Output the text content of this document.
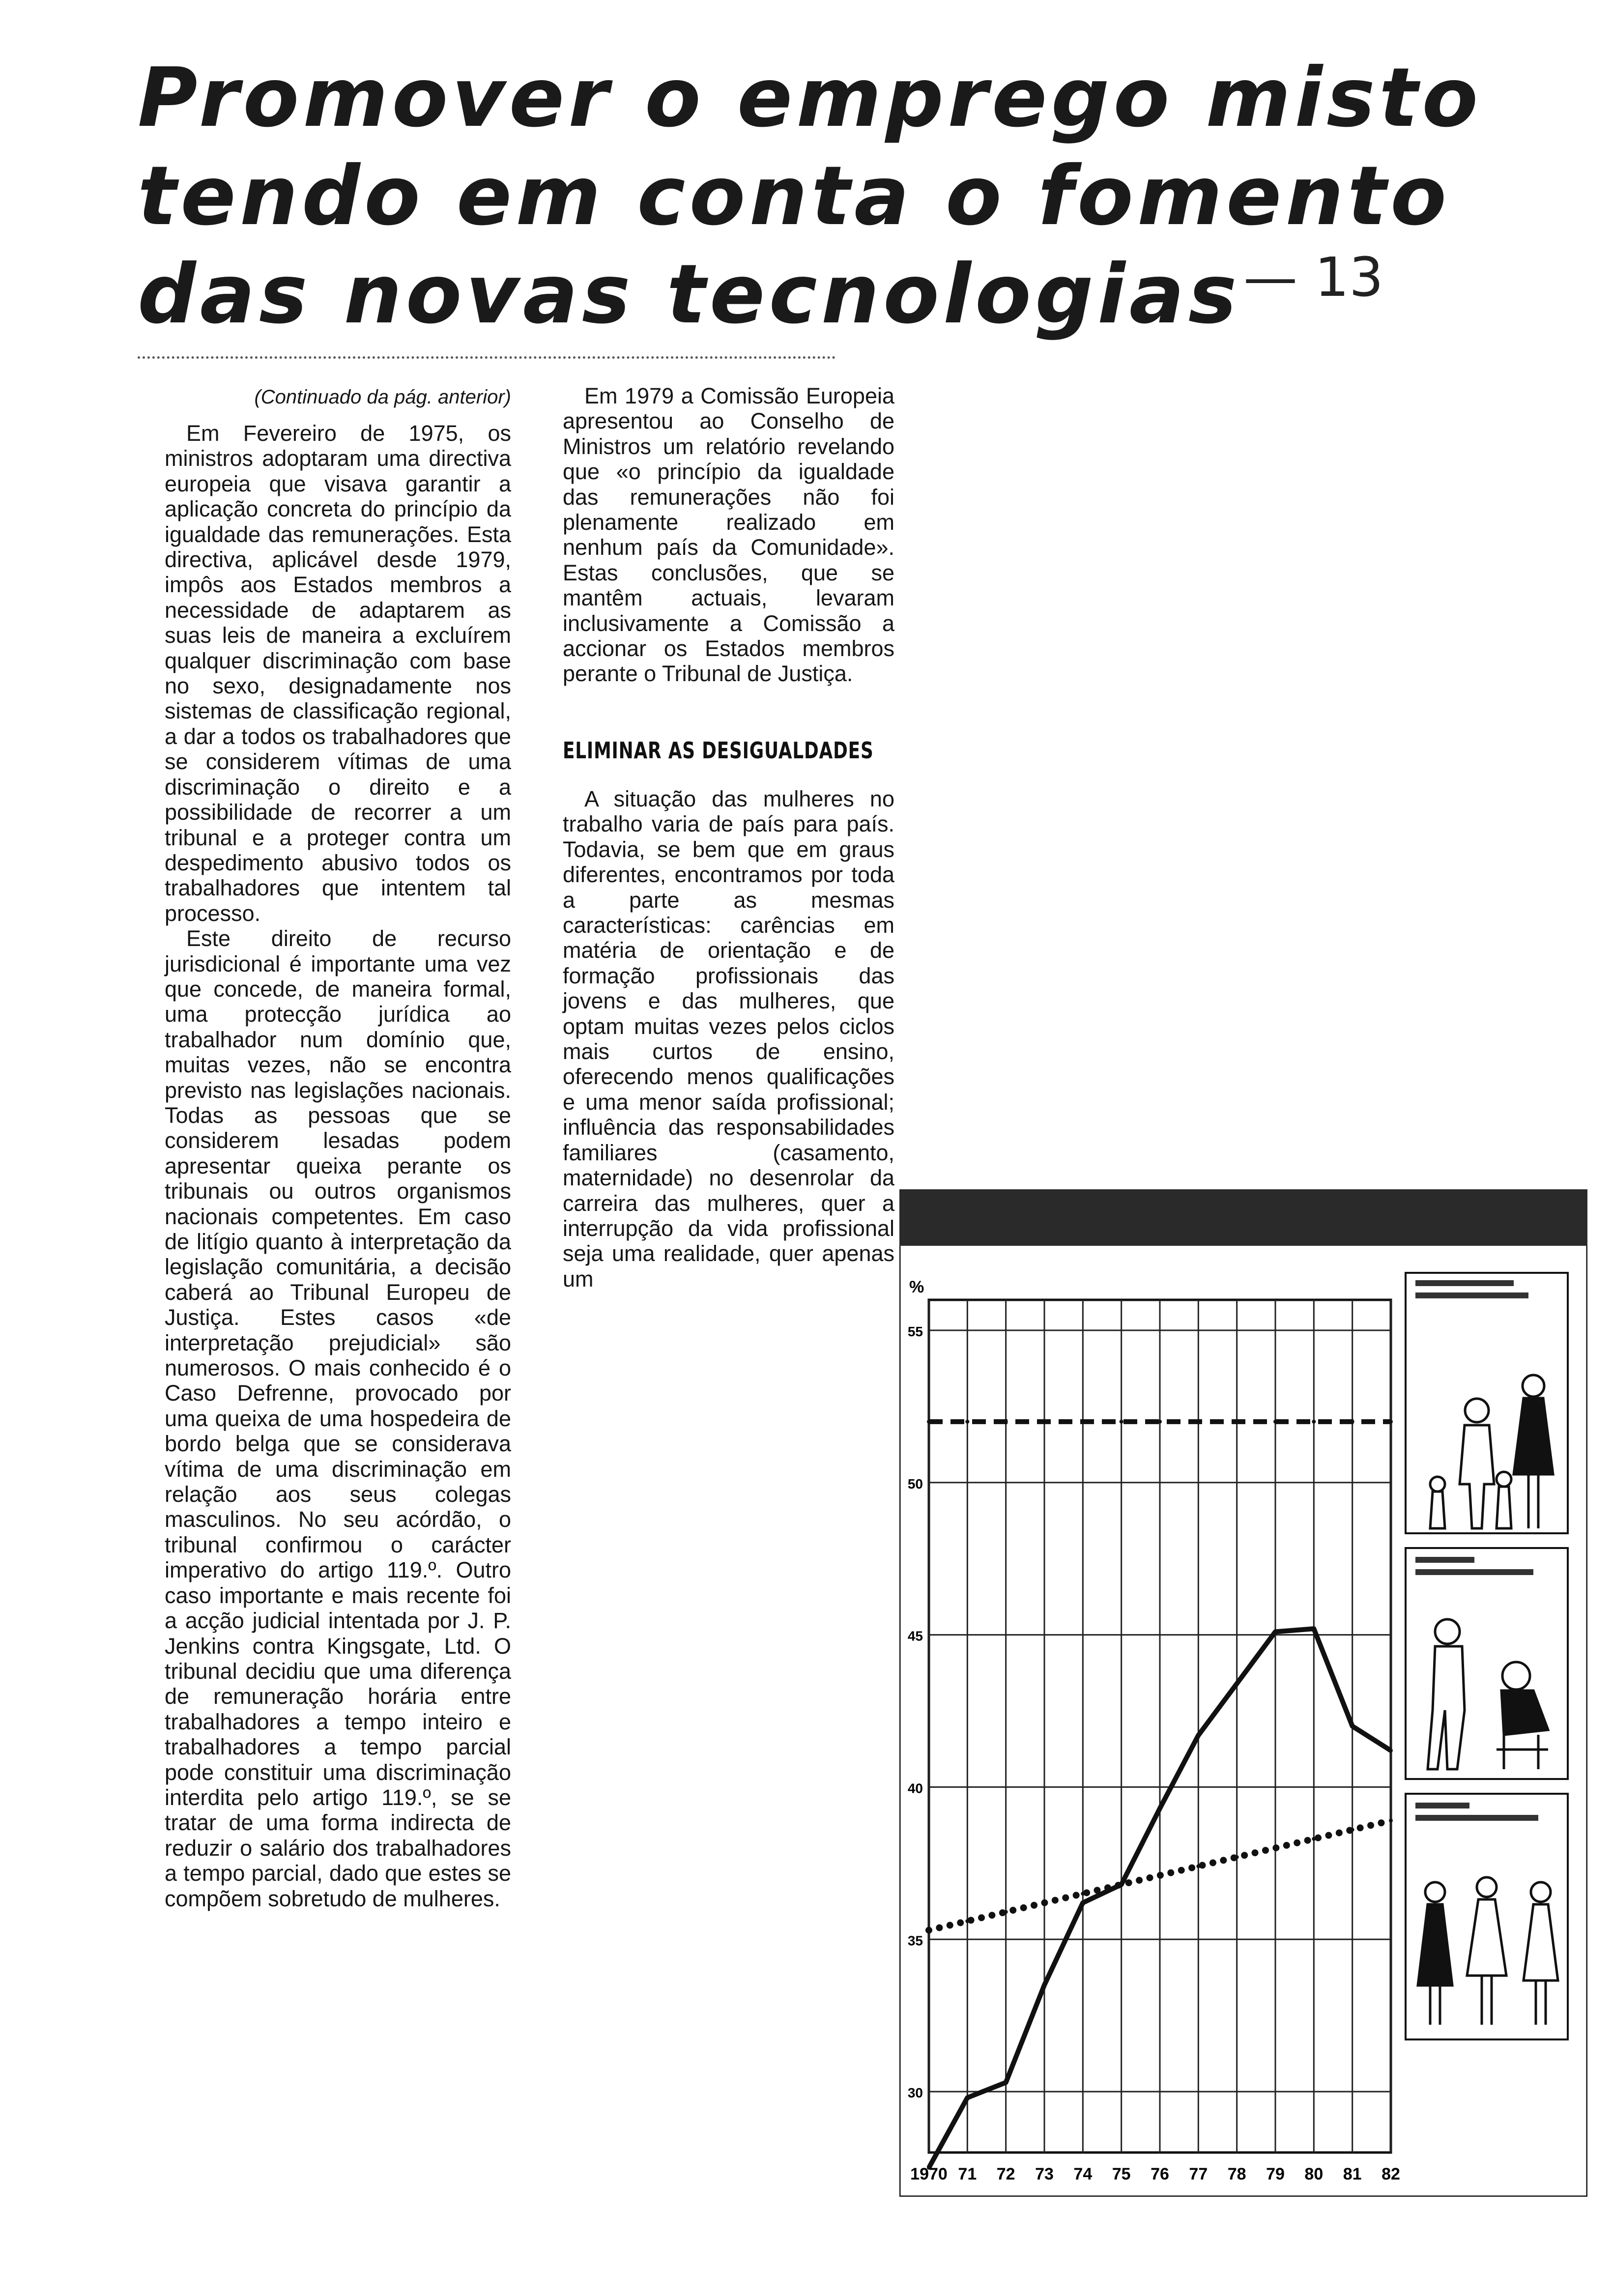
Promover o emprego misto
tendo em conta o fomento
das novas tecnologias — 13
(Continuado da pág. anterior)

Em Fevereiro de 1975, os ministros adoptaram uma directiva europeia que visava garantir a aplicação concreta do princípio da igualdade das remunerações. Esta directiva, aplicável desde 1979, impôs aos Estados membros a necessidade de adaptarem as suas leis de maneira a excluírem qualquer discriminação com base no sexo, designadamente nos sistemas de classificação regional, a dar a todos os trabalhadores que se considerem vítimas de uma discriminação o direito e a possibilidade de recorrer a um tribunal e a proteger contra um despedimento abusivo todos os trabalhadores que intentem tal processo.

Este direito de recurso jurisdicional é importante uma vez que concede, de maneira formal, uma protecção jurídica ao trabalhador num domínio que, muitas vezes, não se encontra previsto nas legislações nacionais. Todas as pessoas que se considerem lesadas podem apresentar queixa perante os tribunais ou outros organismos nacionais competentes. Em caso de litígio quanto à interpretação da legislação comunitária, a decisão caberá ao Tribunal Europeu de Justiça. Estes casos «de interpretação prejudicial» são numerosos. O mais conhecido é o Caso Defrenne, provocado por uma queixa de uma hospedeira de bordo belga que se considerava vítima de uma discriminação em relação aos seus colegas masculinos. No seu acórdão, o tribunal confirmou o carácter imperativo do artigo 119.º. Outro caso importante e mais recente foi a acção judicial intentada por J. P. Jenkins contra Kingsgate, Ltd. O tribunal decidiu que uma diferença de remuneração horária entre trabalhadores a tempo inteiro e trabalhadores a tempo parcial pode constituir uma discriminação interdita pelo artigo 119.º, se se tratar de uma forma indirecta de reduzir o salário dos trabalhadores a tempo parcial, dado que estes se compõem sobretudo de mulheres.

Em 1979 a Comissão Europeia apresentou ao Conselho de Ministros um relatório revelando que «o princípio da igualdade das remunerações não foi plenamente realizado em nenhum país da Comunidade». Estas conclusões, que se mantêm actuais, levaram inclusivamente a Comissão a accionar os Estados membros perante o Tribunal de Justiça.

ELIMINAR AS DESIGUALDADES

A situação das mulheres no trabalho varia de país para país. Todavia, se bem que em graus diferentes, encontramos por toda a parte as mesmas características: carências em matéria de orientação e de formação profissionais das jovens e das mulheres, que optam muitas vezes pelos ciclos mais curtos de ensino, oferecendo menos qualificações e uma menor saída profissional; influência das responsabilidades familiares (casamento, maternidade) no desenrolar da carreira das mulheres, quer a interrupção da vida profissional seja uma realidade, quer apenas um

1970 71 72 73 74 75 76 77 78 79 80 81 82
30
35
40
45
50
55
%
